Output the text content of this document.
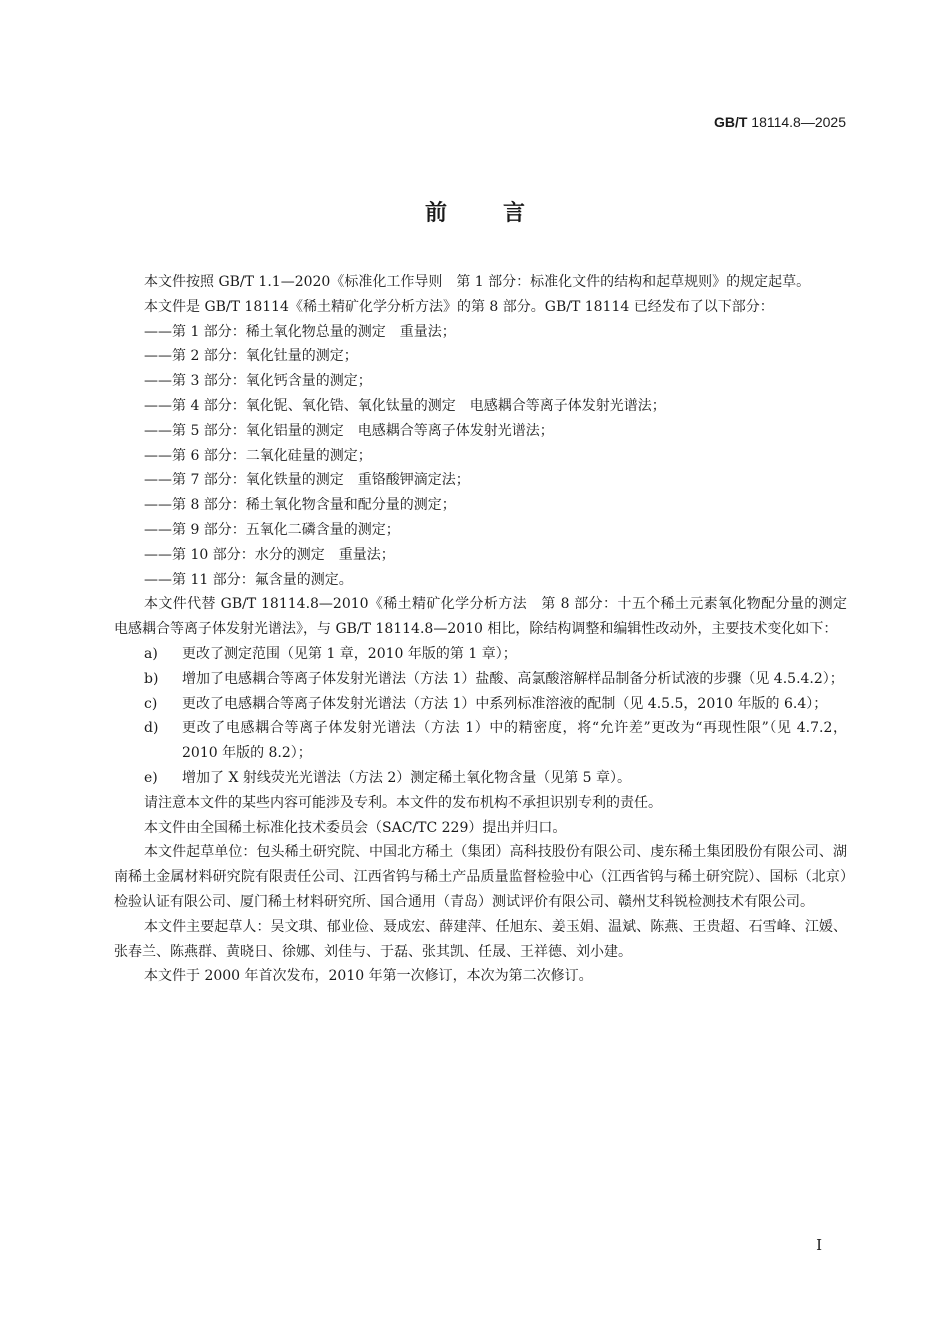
GB/T 18114.8—2025
前言

本文件按照 GB/T 1.1—2020《标准化工作导则　第 1 部分：标准化文件的结构和起草规则》的规定起草。

本文件是 GB/T 18114《稀土精矿化学分析方法》的第 8 部分。GB/T 18114 已经发布了以下部分：

——第 1 部分：稀土氧化物总量的测定　重量法；

——第 2 部分：氧化钍量的测定；

——第 3 部分：氧化钙含量的测定；

——第 4 部分：氧化铌、氧化锆、氧化钛量的测定　电感耦合等离子体发射光谱法；

——第 5 部分：氧化铝量的测定　电感耦合等离子体发射光谱法；

——第 6 部分：二氧化硅量的测定；

——第 7 部分：氧化铁量的测定　重铬酸钾滴定法；

——第 8 部分：稀土氧化物含量和配分量的测定；

——第 9 部分：五氧化二磷含量的测定；

——第 10 部分：水分的测定　重量法；

——第 11 部分：氟含量的测定。

本文件代替 GB/T 18114.8—2010《稀土精矿化学分析方法　第 8 部分：十五个稀土元素氧化物配分量的测定　电感耦合等离子体发射光谱法》，与 GB/T 18114.8—2010 相比，除结构调整和编辑性改动外，主要技术变化如下：

a)	更改了测定范围（见第 1 章，2010 年版的第 1 章）；
b)	增加了电感耦合等离子体发射光谱法（方法 1）盐酸、高氯酸溶解样品制备分析试液的步骤（见 4.5.4.2）；
c)	更改了电感耦合等离子体发射光谱法（方法 1）中系列标准溶液的配制（见 4.5.5，2010 年版的 6.4）；
d)	更改了电感耦合等离子体发射光谱法（方法 1）中的精密度，将“允许差”更改为“再现性限”（见 4.7.2，2010 年版的 8.2）；
e)	增加了 X 射线荧光光谱法（方法 2）测定稀土氧化物含量（见第 5 章）。

请注意本文件的某些内容可能涉及专利。本文件的发布机构不承担识别专利的责任。

本文件由全国稀土标准化技术委员会（SAC/TC 229）提出并归口。

本文件起草单位：包头稀土研究院、中国北方稀土（集团）高科技股份有限公司、虔东稀土集团股份有限公司、湖南稀土金属材料研究院有限责任公司、江西省钨与稀土产品质量监督检验中心（江西省钨与稀土研究院）、国标（北京）检验认证有限公司、厦门稀土材料研究所、国合通用（青岛）测试评价有限公司、赣州艾科锐检测技术有限公司。

本文件主要起草人：吴文琪、郁业俭、聂成宏、薛建萍、任旭东、姜玉娟、温斌、陈燕、王贵超、石雪峰、江媛、张春兰、陈燕群、黄晓日、徐娜、刘佳与、于磊、张其凯、任晟、王祥德、刘小建。

本文件于 2000 年首次发布，2010 年第一次修订，本次为第二次修订。

I
